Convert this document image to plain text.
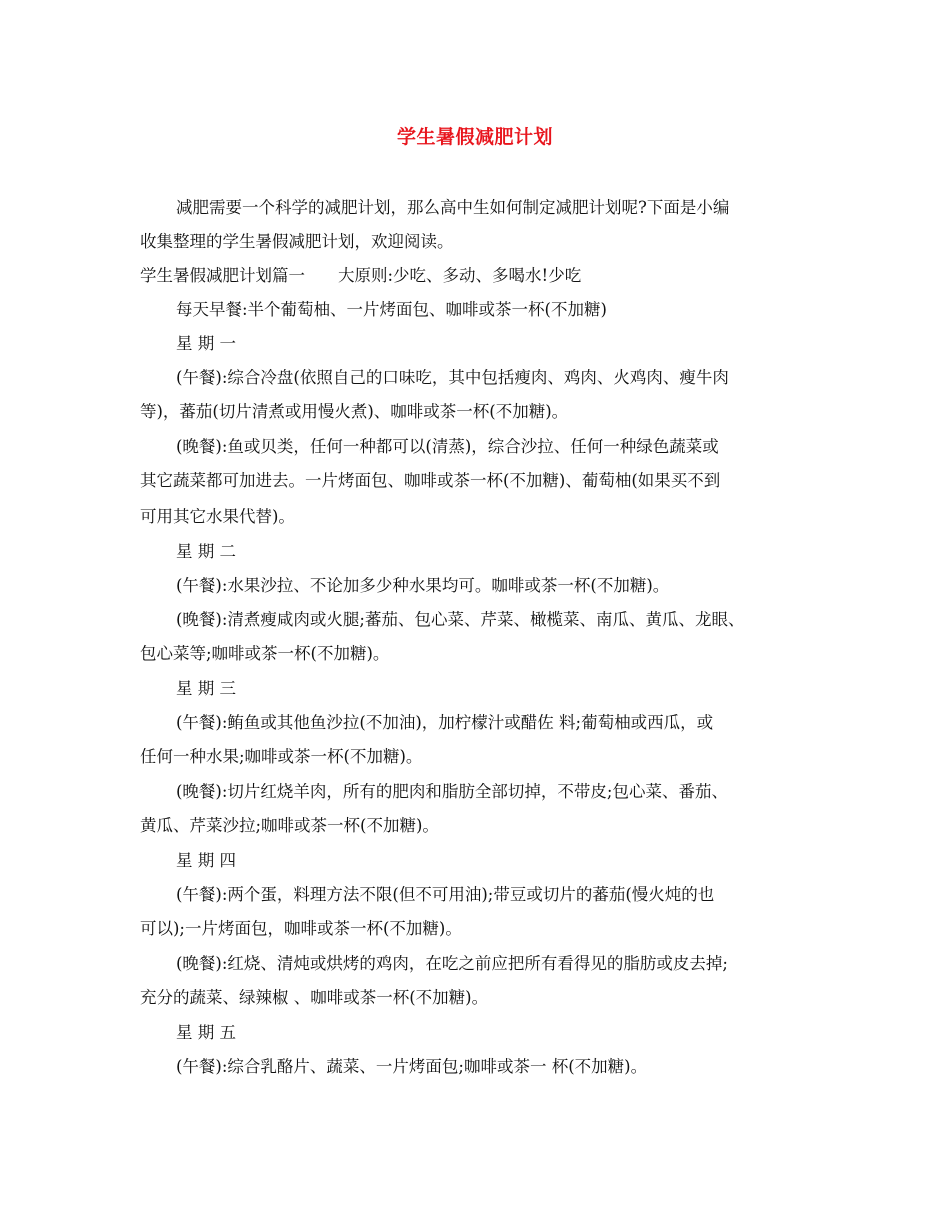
学生暑假减肥计划
减肥需要一个科学的减肥计划，那么高中生如何制定减肥计划呢?下面是小编
收集整理的学生暑假减肥计划，欢迎阅读。
学生暑假减肥计划篇一　　大原则:少吃、多动、多喝水!少吃
每天早餐:半个葡萄柚、一片烤面包、咖啡或茶一杯(不加糖)
星 期 一
(午餐):综合冷盘(依照自己的口味吃，其中包括瘦肉、鸡肉、火鸡肉、瘦牛肉
等)，蕃茄(切片清煮或用慢火煮)、咖啡或茶一杯(不加糖)。
(晚餐):鱼或贝类，任何一种都可以(清蒸)，综合沙拉、任何一种绿色蔬菜或
其它蔬菜都可加进去。一片烤面包、咖啡或茶一杯(不加糖)、葡萄柚(如果买不到
可用其它水果代替)。
星 期 二
(午餐):水果沙拉、不论加多少种水果均可。咖啡或茶一杯(不加糖)。
(晚餐):清煮瘦咸肉或火腿;蕃茄、包心菜、芹菜、橄榄菜、南瓜、黄瓜、龙眼、
包心菜等;咖啡或茶一杯(不加糖)。
星 期 三
(午餐):鲔鱼或其他鱼沙拉(不加油)，加柠檬汁或醋佐 料;葡萄柚或西瓜，或
任何一种水果;咖啡或茶一杯(不加糖)。
(晚餐):切片红烧羊肉，所有的肥肉和脂肪全部切掉，不带皮;包心菜、番茄、
黄瓜、芹菜沙拉;咖啡或茶一杯(不加糖)。
星 期 四
(午餐):两个蛋，料理方法不限(但不可用油);带豆或切片的蕃茄(慢火炖的也
可以);一片烤面包，咖啡或茶一杯(不加糖)。
(晚餐):红烧、清炖或烘烤的鸡肉，在吃之前应把所有看得见的脂肪或皮去掉;
充分的蔬菜、绿辣椒 、咖啡或茶一杯(不加糖)。
星 期 五
(午餐):综合乳酪片、蔬菜、一片烤面包;咖啡或茶一 杯(不加糖)。
